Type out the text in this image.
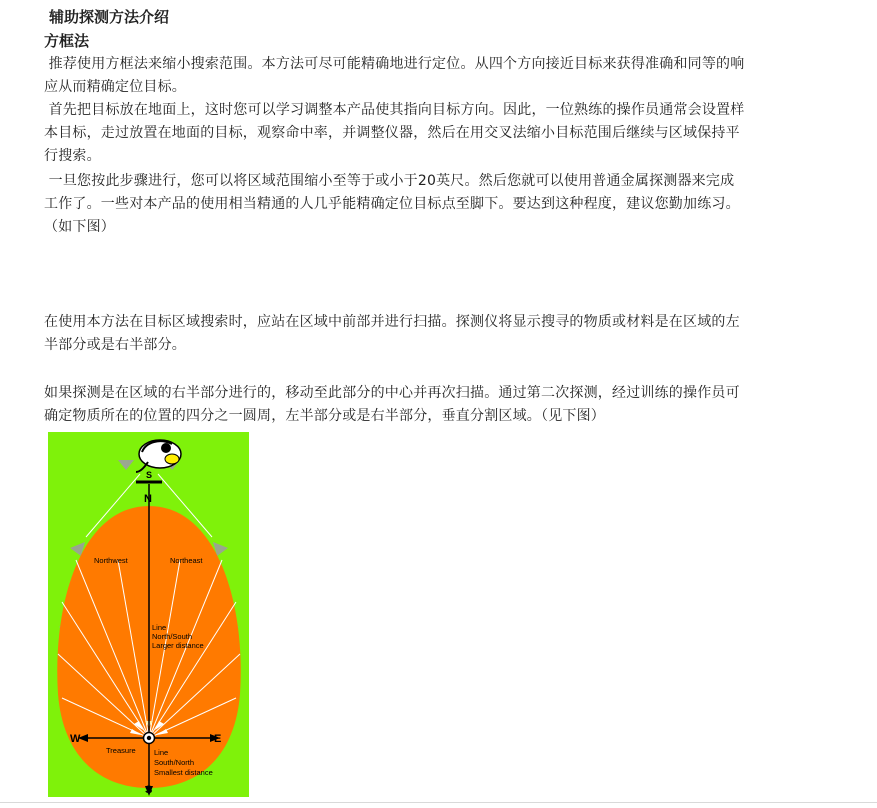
辅助探测方法介绍
方框法

推荐使用方框法来缩小搜索范围。本方法可尽可能精确地进行定位。从四个方向接近目标来获得准确和同等的响
应从而精确定位目标。

首先把目标放在地面上，这时您可以学习调整本产品使其指向目标方向。因此，一位熟练的操作员通常会设置样
本目标，走过放置在地面的目标，观察命中率，并调整仪器，然后在用交叉法缩小目标范围后继续与区域保持平
行搜索。

一旦您按此步骤进行，您可以将区域范围缩小至等于或小于20英尺。然后您就可以使用普通金属探测器来完成
工作了。一些对本产品的使用相当精通的人几乎能精确定位目标点至脚下。要达到这种程度，建议您勤加练习。
（如下图）

在使用本方法在目标区域搜索时，应站在区域中前部并进行扫描。探测仪将显示搜寻的物质或材料是在区域的左
半部分或是右半部分。

如果探测是在区域的右半部分进行的，移动至此部分的中心并再次扫描。通过第二次探测，经过训练的操作员可
确定物质所在的位置的四分之一圆周，左半部分或是右半部分，垂直分割区域。（见下图）

S
N
Northwest	Northeast
Line
North/South
Larger distance
W	E
Treasure Line
South/North
Smallest distance
S
